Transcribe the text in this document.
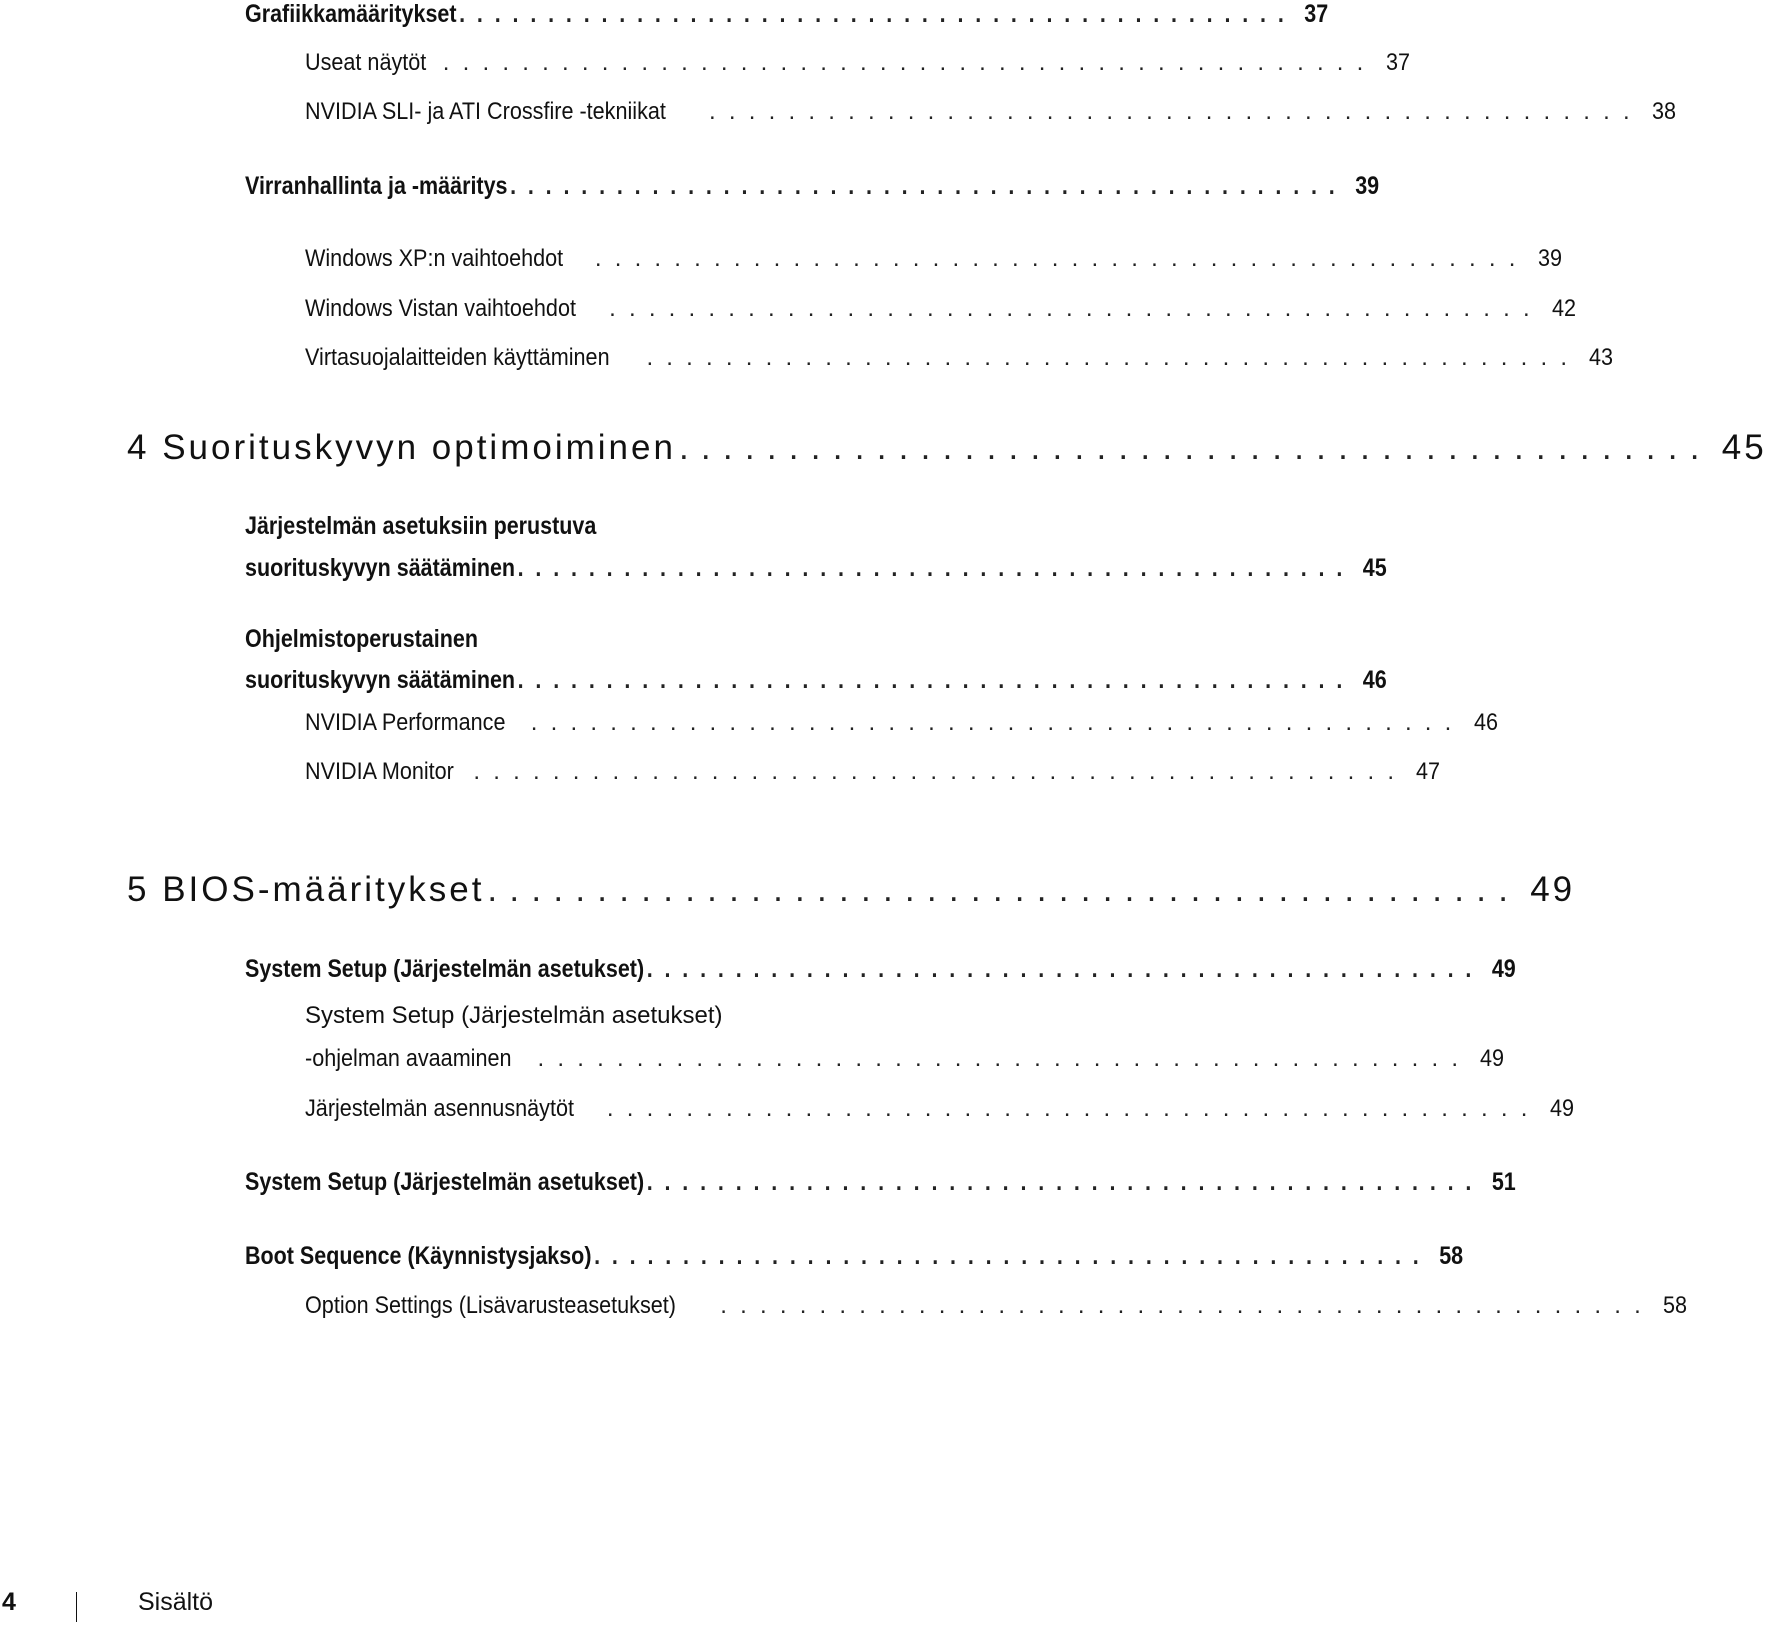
Grafiikkamääritykset ............................................... 37
Useat näytöt ............................................... 37
NVIDIA SLI- ja ATI Crossfire -tekniikat ............................................... 38
Virranhallinta ja -määritys ............................................... 39
Windows XP:n vaihtoehdot ............................................... 39
Windows Vistan vaihtoehdot ............................................... 42
Virtasuojalaitteiden käyttäminen ............................................... 43
4 Suorituskyvyn optimoiminen ............................................... 45
Järjestelmän asetuksiin perustuva
suorituskyvyn säätäminen ............................................... 45
Ohjelmistoperustainen
suorituskyvyn säätäminen ............................................... 46
NVIDIA Performance ............................................... 46
NVIDIA Monitor ............................................... 47
5 BIOS-määritykset ............................................... 49
System Setup (Järjestelmän asetukset) ............................................... 49
System Setup (Järjestelmän asetukset)
-ohjelman avaaminen ............................................... 49
Järjestelmän asennusnäytöt ............................................... 49
System Setup (Järjestelmän asetukset) ............................................... 51
Boot Sequence (Käynnistysjakso) ............................................... 58
Option Settings (Lisävarusteasetukset) ............................................... 58
4	Sisältö
